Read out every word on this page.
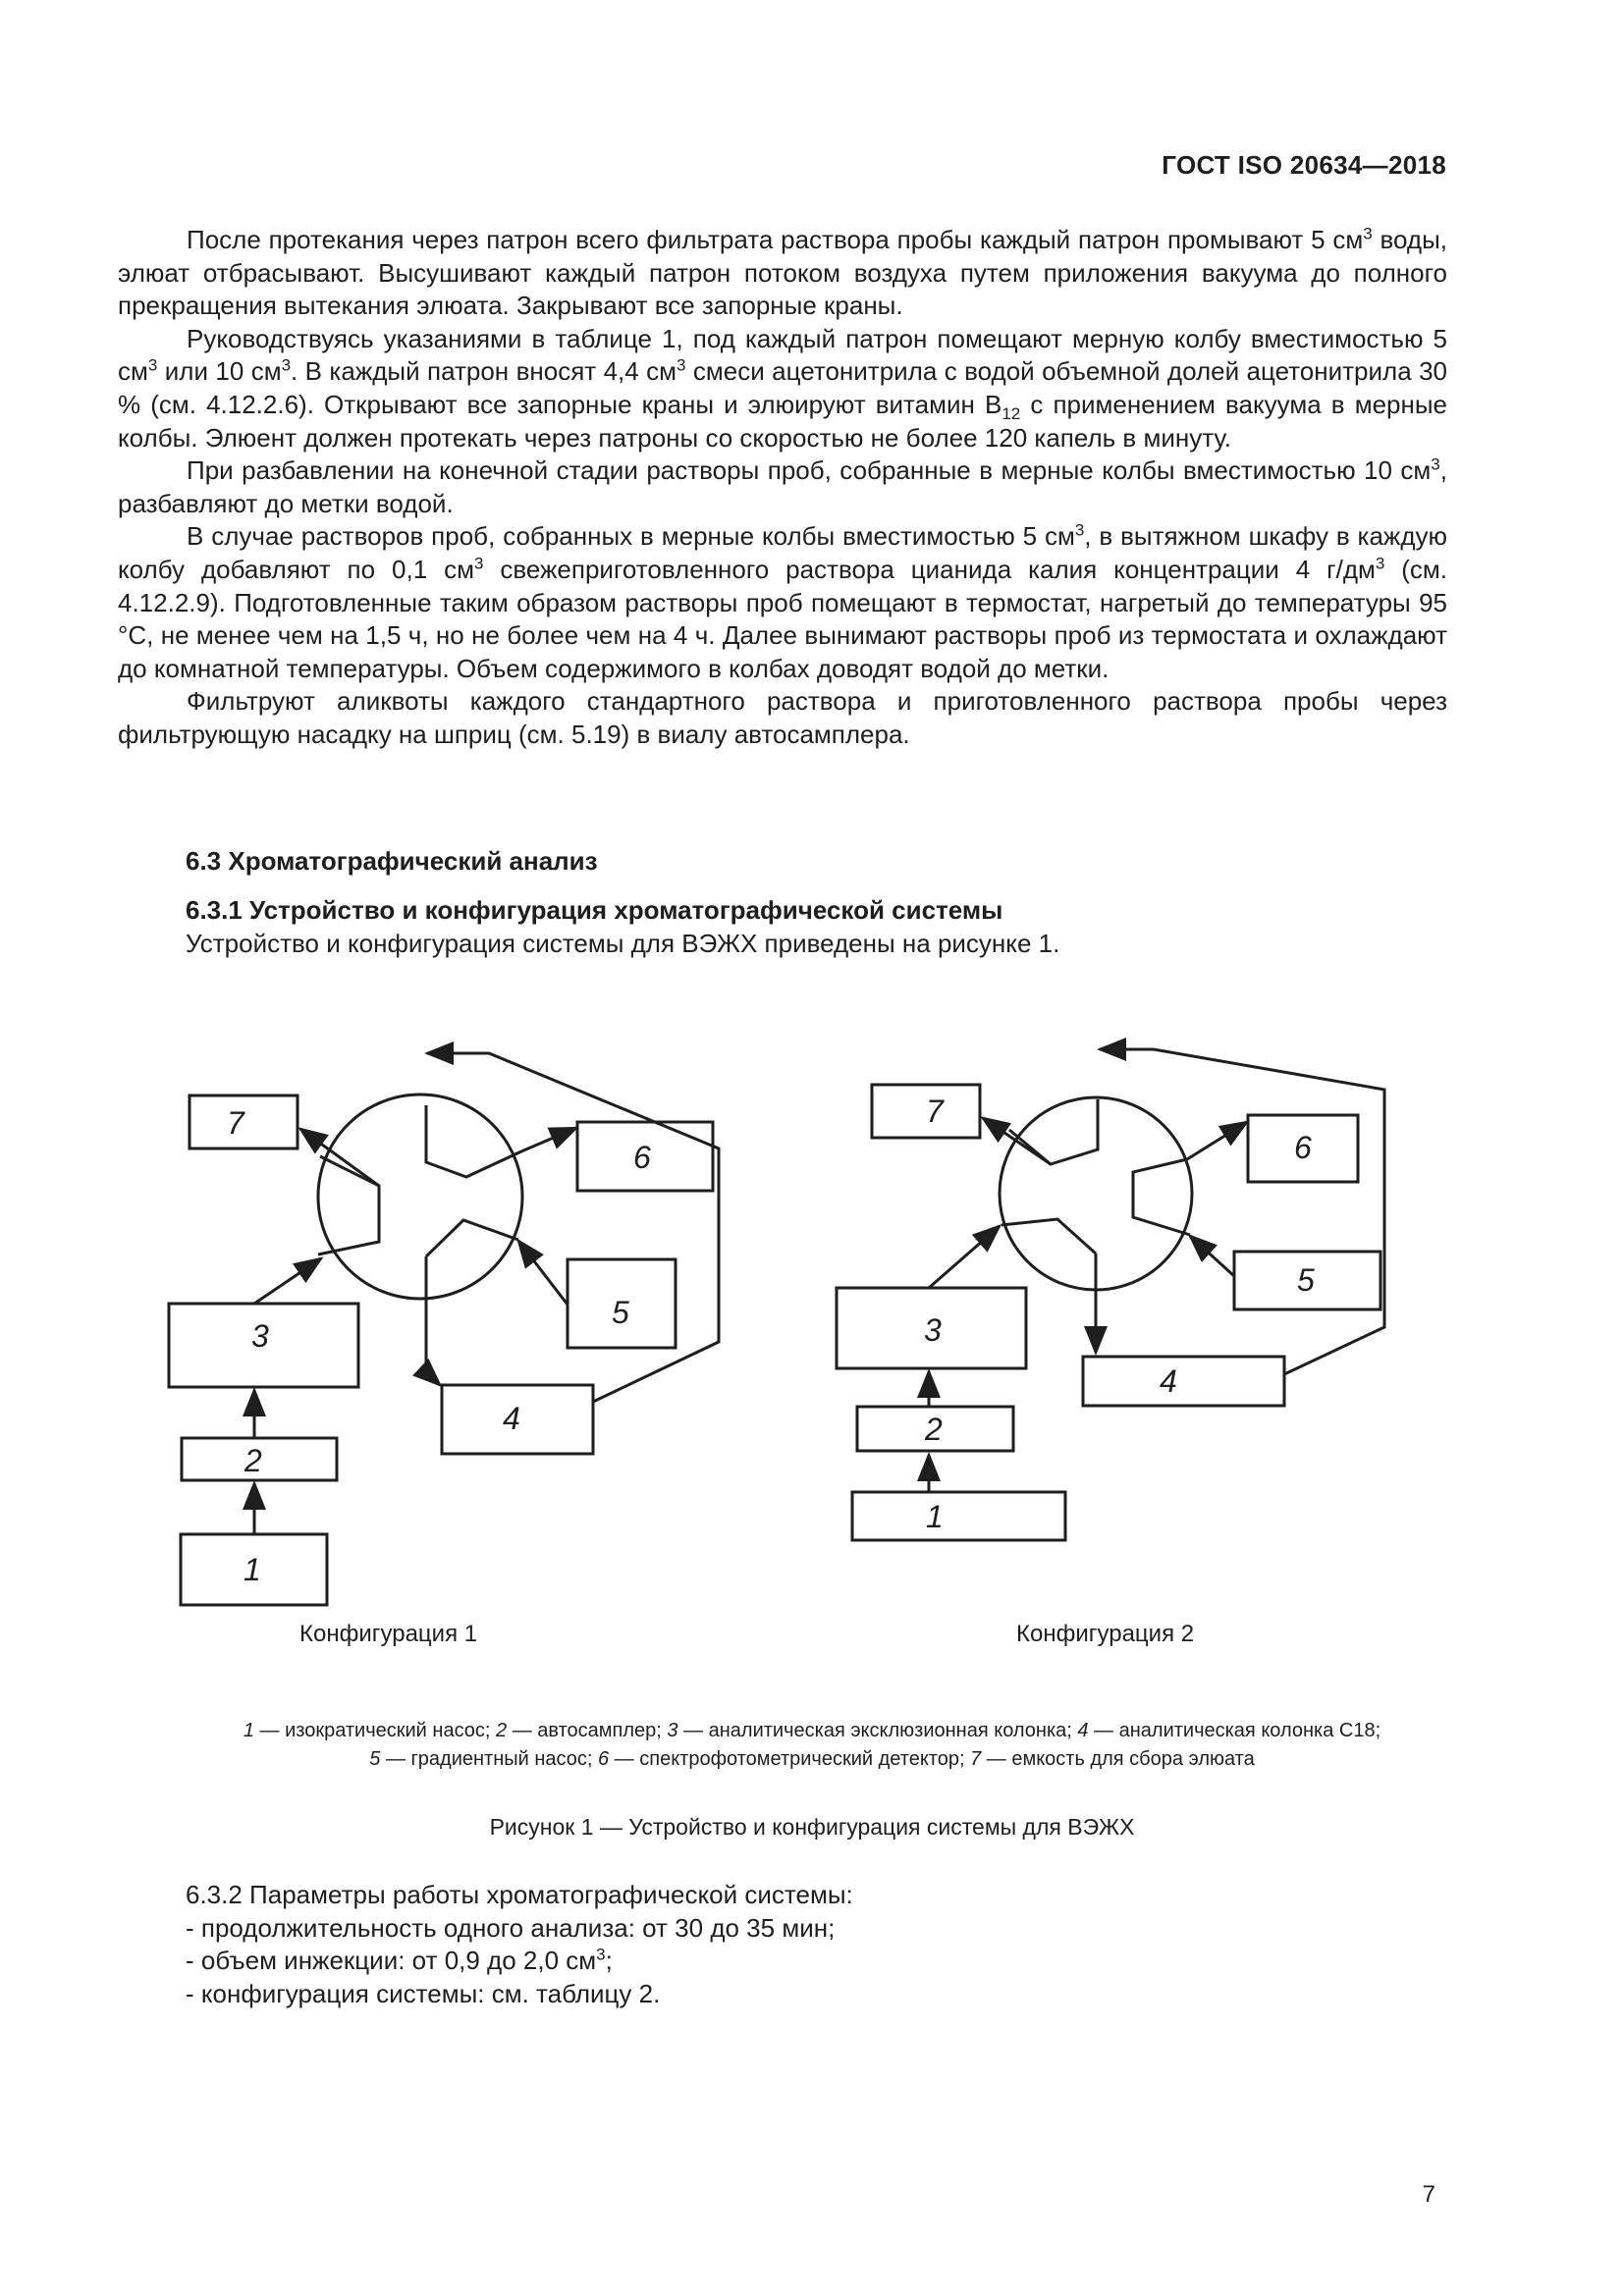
ГОСТ ISO 20634—2018

После протекания через патрон всего фильтрата раствора пробы каждый патрон промывают 5 $см^3$ воды, элюат отбрасывают. Высушивают каждый патрон потоком воздуха путем приложения вакуума до полного прекращения вытекания элюата. Закрывают все запорные краны.

Руководствуясь указаниями в таблице 1, под каждый патрон помещают мерную колбу вместимостью 5 $см^3$ или 10 $см^3$. В каждый патрон вносят 4,4 $см^3$ смеси ацетонитрила с водой объемной долей ацетонитрила 30 % (см. 4.12.2.6). Открывают все запорные краны и элюируют витамин $B_{12}$ с применением вакуума в мерные колбы. Элюент должен протекать через патроны со скоростью не более 120 капель в минуту.

При разбавлении на конечной стадии растворы проб, собранные в мерные колбы вместимостью 10 $см^3$, разбавляют до метки водой.

В случае растворов проб, собранных в мерные колбы вместимостью 5 $см^3$, в вытяжном шкафу в каждую колбу добавляют по 0,1 $см^3$ свежеприготовленного раствора цианида калия концентрации 4 $г/дм^3$ (см. 4.12.2.9). Подготовленные таким образом растворы проб помещают в термостат, нагретый до температуры 95 °С, не менее чем на 1,5 ч, но не более чем на 4 ч. Далее вынимают растворы проб из термостата и охлаждают до комнатной температуры. Объем содержимого в колбах доводят водой до метки.

Фильтруют аликвоты каждого стандартного раствора и приготовленного раствора пробы через фильтрующую насадку на шприц (см. 5.19) в виалу автосамплера.

6.3 Хроматографический анализ
6.3.1 Устройство и конфигурация хроматографической системы
Устройство и конфигурация системы для ВЭЖХ приведены на рисунке 1.
7
6
5
3
4
2
1
7
6
5
3
4
2
1
Конфигурация 1	Конфигурация 2
1 — изократический насос; 2 — автосамплер; 3 — аналитическая эксклюзионная колонка; 4 — аналитическая колонка C18;
5 — градиентный насос; 6 — спектрофотометрический детектор; 7 — емкость для сбора элюата
Рисунок 1 — Устройство и конфигурация системы для ВЭЖХ
6.3.2 Параметры работы хроматографической системы:
- продолжительность одного анализа: от 30 до 35 мин;
- объем инжекции: от 0,9 до 2,0 $см^3$;
- конфигурация системы: см. таблицу 2.
7
